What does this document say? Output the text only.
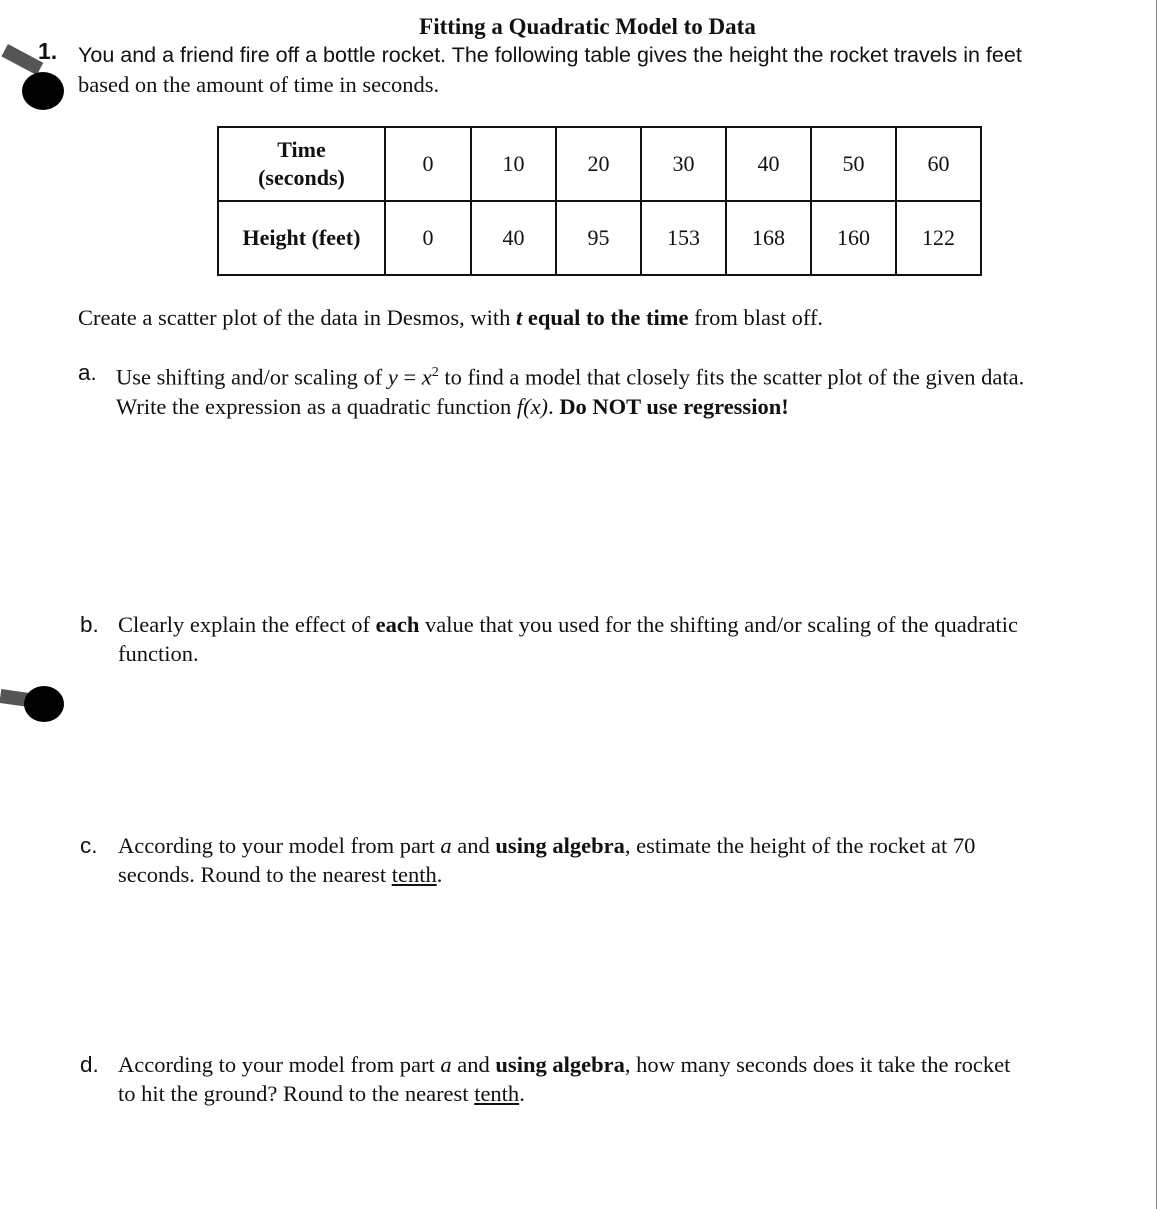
Fitting a Quadratic Model to Data
1. You and a friend fire off a bottle rocket. The following table gives the height the rocket travels in feet
based on the amount of time in seconds.
Time
(seconds)	0	10	20	30	40	50	60
Height (feet)	0	40	95	153	168	160	122
Create a scatter plot of the data in Desmos, with t equal to the time from blast off.
a. Use shifting and/or scaling of $y = x^2$ to find a model that closely fits the scatter plot of the given data.
Write the expression as a quadratic function f(x). Do NOT use regression!
b. Clearly explain the effect of each value that you used for the shifting and/or scaling of the quadratic
function.
c. According to your model from part a and using algebra, estimate the height of the rocket at 70
seconds. Round to the nearest tenth.
d. According to your model from part a and using algebra, how many seconds does it take the rocket
to hit the ground? Round to the nearest tenth.
